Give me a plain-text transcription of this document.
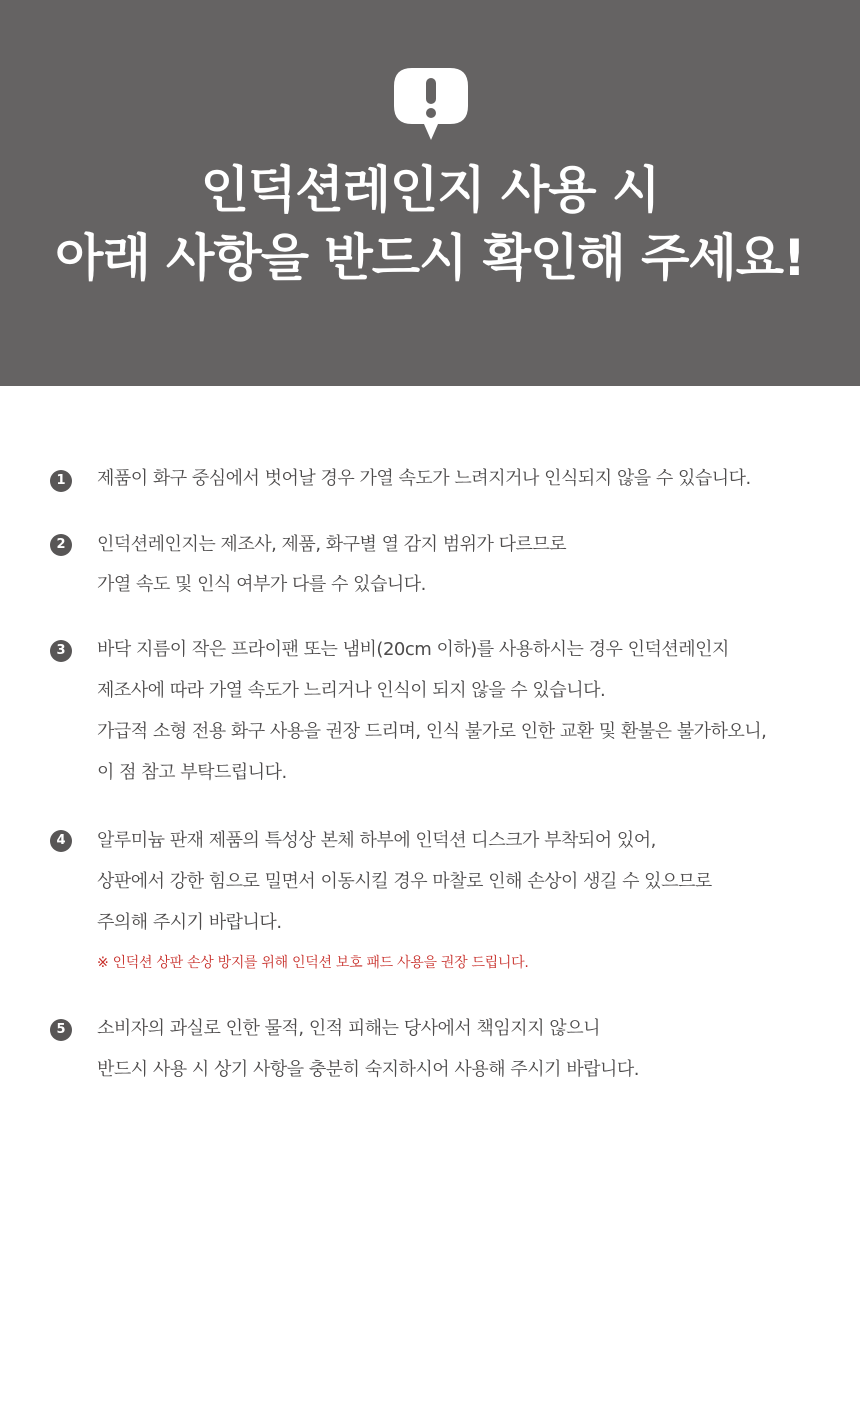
인덕션레인지 사용 시
아래 사항을 반드시 확인해 주세요!
1	제품이 화구 중심에서 벗어날 경우 가열 속도가 느려지거나 인식되지 않을 수 있습니다.
2	인덕션레인지는 제조사, 제품, 화구별 열 감지 범위가 다르므로
가열 속도 및 인식 여부가 다를 수 있습니다.
3	바닥 지름이 작은 프라이팬 또는 냄비(20cm 이하)를 사용하시는 경우 인덕션레인지
제조사에 따라 가열 속도가 느리거나 인식이 되지 않을 수 있습니다.
가급적 소형 전용 화구 사용을 권장 드리며, 인식 불가로 인한 교환 및 환불은 불가하오니,
이 점 참고 부탁드립니다.
4	알루미늄 판재 제품의 특성상 본체 하부에 인덕션 디스크가 부착되어 있어,
상판에서 강한 힘으로 밀면서 이동시킬 경우 마찰로 인해 손상이 생길 수 있으므로
주의해 주시기 바랍니다.
※ 인덕션 상판 손상 방지를 위해 인덕션 보호 패드 사용을 권장 드립니다.
5	소비자의 과실로 인한 물적, 인적 피해는 당사에서 책임지지 않으니
반드시 사용 시 상기 사항을 충분히 숙지하시어 사용해 주시기 바랍니다.
